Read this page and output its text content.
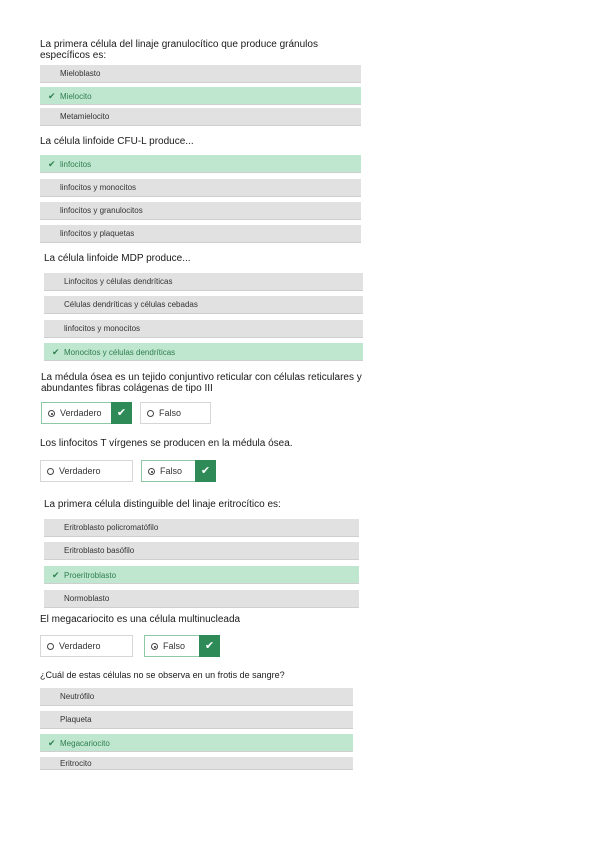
La primera célula del linaje granulocítico que produce gránulos específicos es:

Mieloblasto
✔ Mielocito
Metamielocito

La célula linfoide CFU-L produce...

✔ linfocitos
linfocitos y monocitos
linfocitos y granulocitos
linfocitos y plaquetas

La célula linfoide MDP produce...

Linfocitos y células dendríticas
Células dendríticas y células cebadas
linfocitos y monocitos
✔ Monocitos y células dendríticas

La médula ósea es un tejido conjuntivo reticular con células reticulares y abundantes fibras colágenas de tipo III

Verdadero	✔	Falso

Los linfocitos T vírgenes se producen en la médula ósea.

Verdadero	Falso	✔

La primera célula distinguible del linaje eritrocítico es:

Eritroblasto policromatófilo
Eritroblasto basófilo
✔ Proeritroblasto
Normoblasto

El megacariocito es una célula multinucleada

Verdadero	Falso	✔

¿Cuál de estas células no se observa en un frotis de sangre?

Neutrófilo
Plaqueta
✔ Megacariocito
Eritrocito
